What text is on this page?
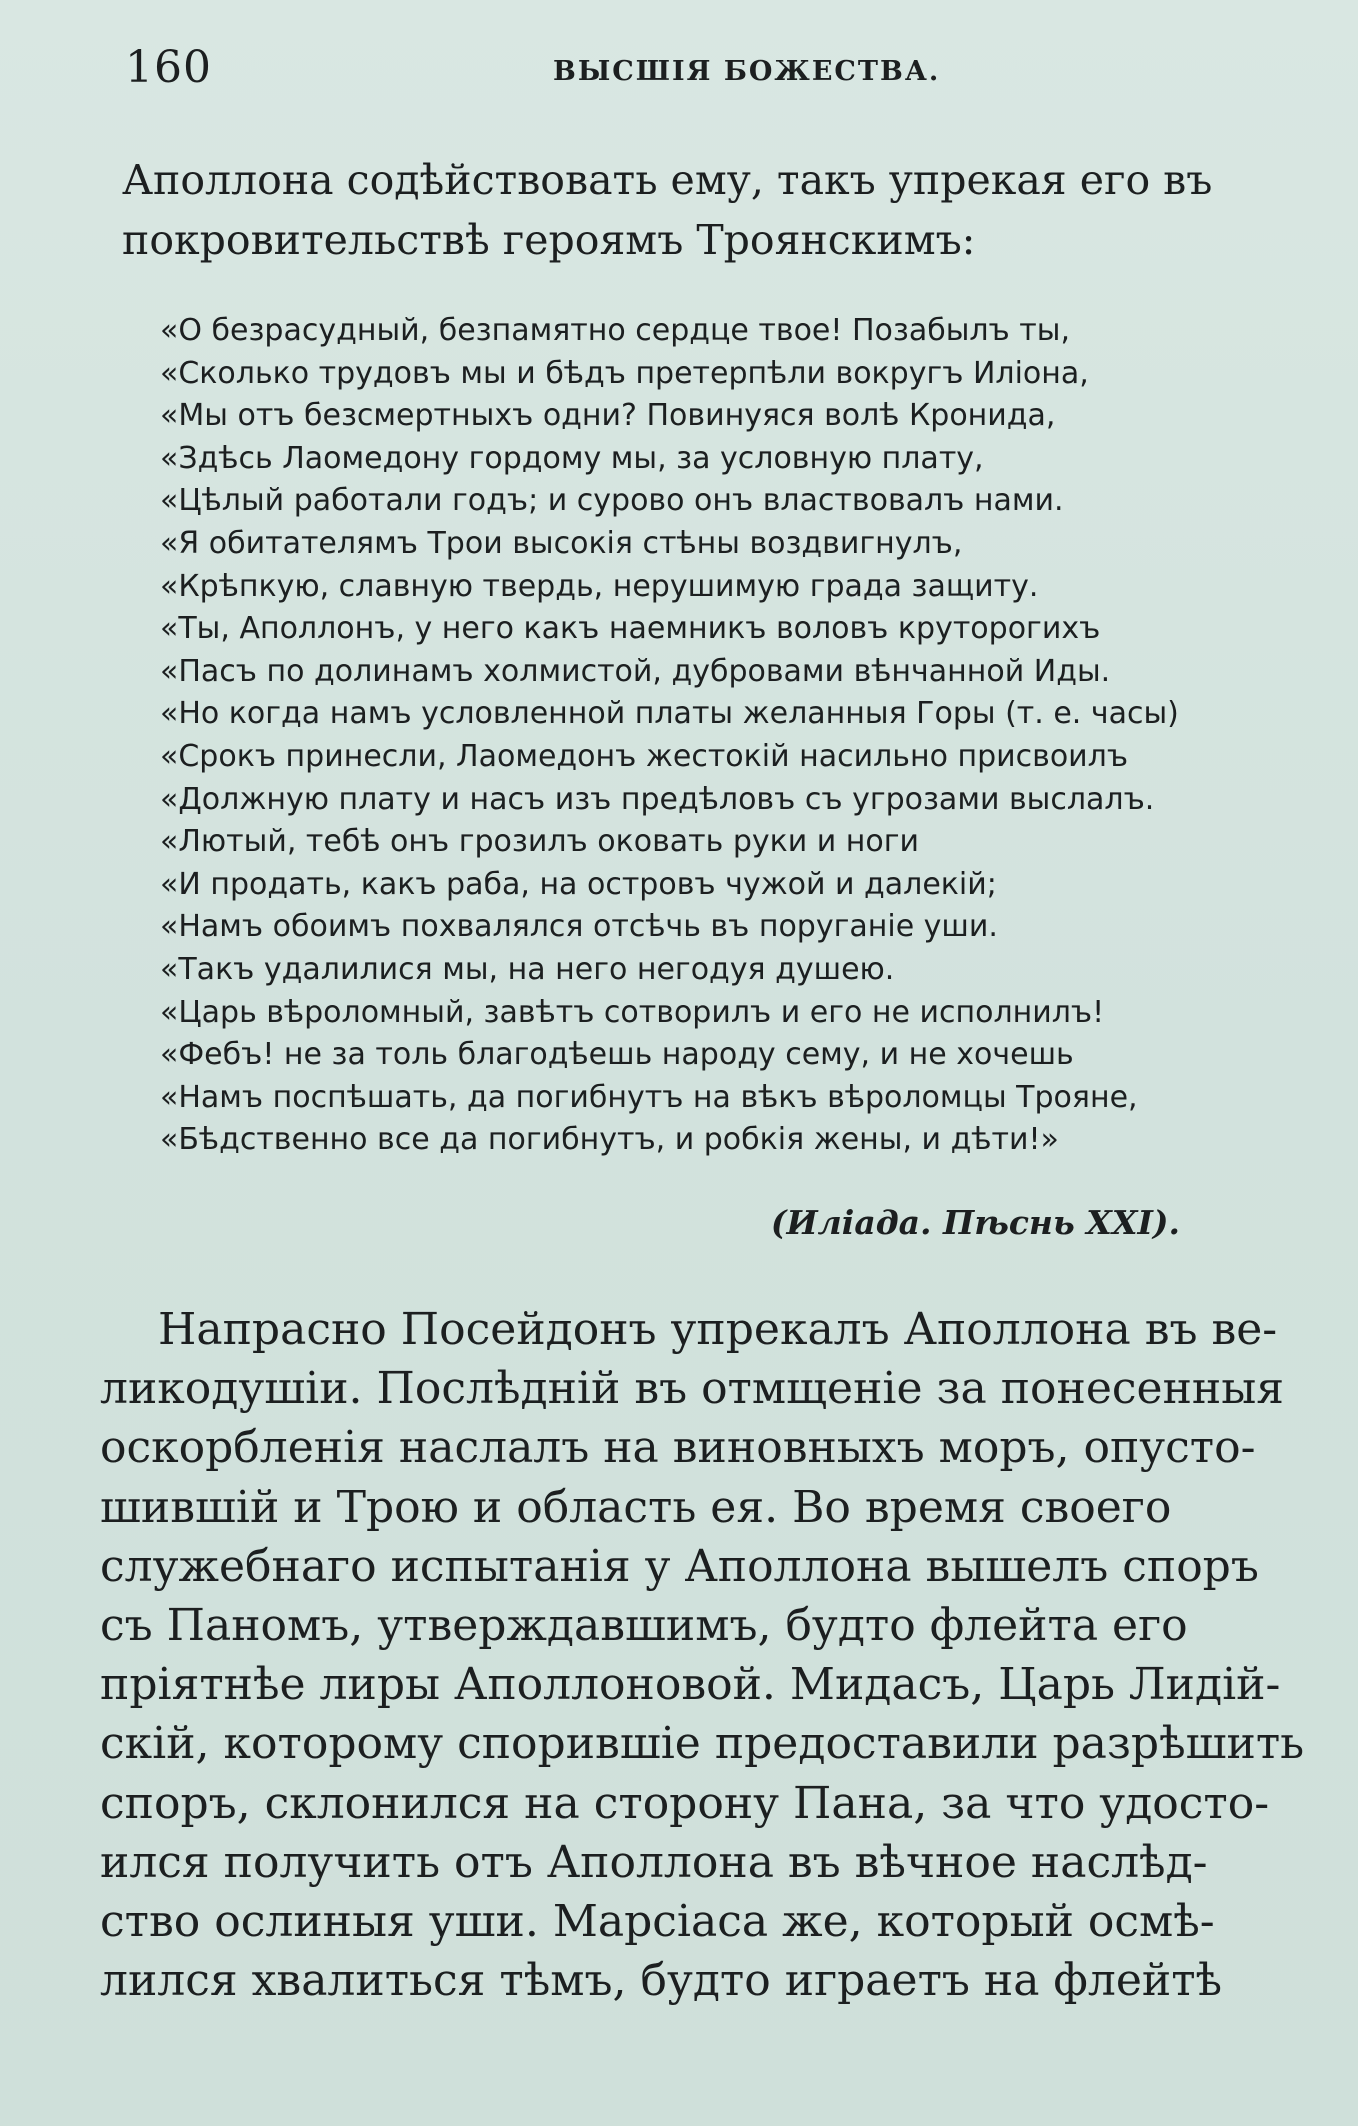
160	ВЫСШІЯ БОЖЕСТВА.
Аполлона содѣйствовать ему, такъ упрекая его въ
покровительствѣ героямъ Троянскимъ:
«О безрасудный, безпамятно сердце твое! Позабылъ ты,
«Сколько трудовъ мы и бѣдъ претерпѣли вокругъ Иліона,
«Мы отъ безсмертныхъ одни? Повинуяся волѣ Кронида,
«Здѣсь Лаомедону гордому мы, за условную плату,
«Цѣлый работали годъ; и сурово онъ властвовалъ нами.
«Я обитателямъ Трои высокія стѣны воздвигнулъ,
«Крѣпкую, славную твердь, нерушимую града защиту.
«Ты, Аполлонъ, у него какъ наемникъ воловъ круторогихъ
«Пасъ по долинамъ холмистой, дубровами вѣнчанной Иды.
«Но когда намъ условленной платы желанныя Горы (т. е. часы)
«Срокъ принесли, Лаомедонъ жестокій насильно присвоилъ
«Должную плату и насъ изъ предѣловъ съ угрозами выслалъ.
«Лютый, тебѣ онъ грозилъ оковать руки и ноги
«И продать, какъ раба, на островъ чужой и далекій;
«Намъ обоимъ похвалялся отсѣчь въ поруганіе уши.
«Такъ удалилися мы, на него негодуя душею.
«Царь вѣроломный, завѣтъ сотворилъ и его не исполнилъ!
«Фебъ! не за толь благодѣешь народу сему, и не хочешь
«Намъ поспѣшать, да погибнутъ на вѣкъ вѣроломцы Трояне,
«Бѣдственно все да погибнутъ, и робкія жены, и дѣти!»
(Иліада. Пѣснь XXI).
Напрасно Посейдонъ упрекалъ Аполлона въ ве-
ликодушіи. Послѣдній въ отмщеніе за понесенныя
оскорбленія наслалъ на виновныхъ моръ, опусто-
шившій и Трою и область ея. Во время своего
служебнаго испытанія у Аполлона вышелъ споръ
съ Паномъ, утверждавшимъ, будто флейта его
пріятнѣе лиры Аполлоновой. Мидасъ, Царь Лидій-
скій, которому спорившіе предоставили разрѣшить
споръ, склонился на сторону Пана, за что удосто-
ился получить отъ Аполлона въ вѣчное наслѣд-
ство ослиныя уши. Марсіаса же, который осмѣ-
лился хвалиться тѣмъ, будто играетъ на флейтѣ
